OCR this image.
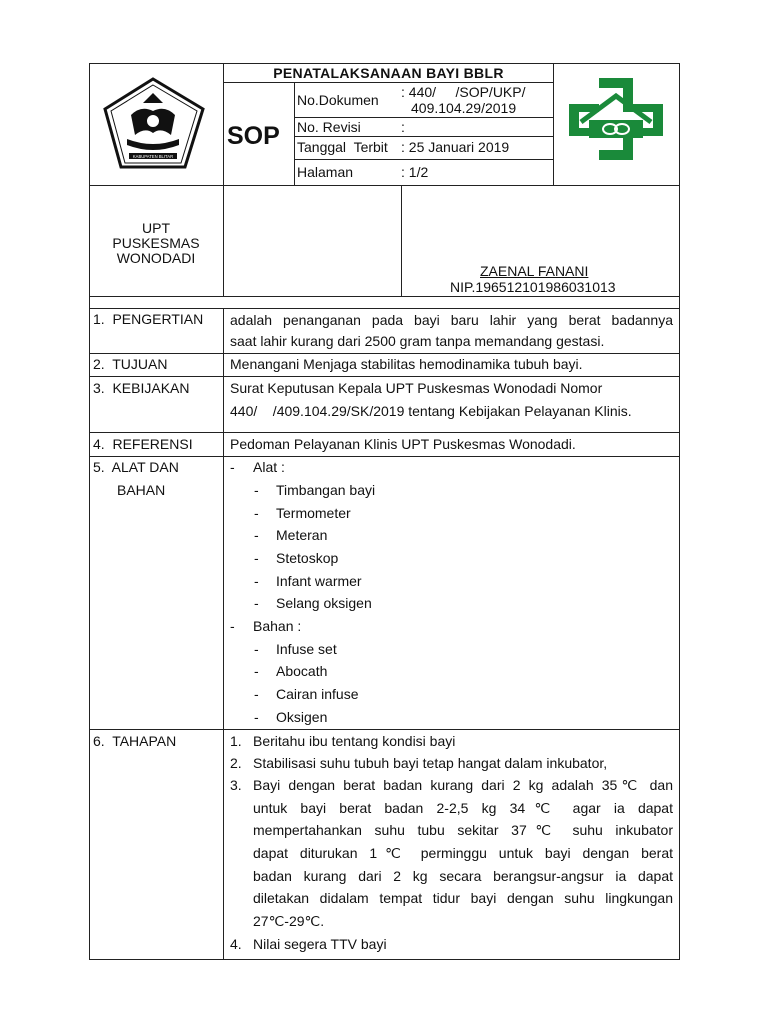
KABUPATEN BLITAR
PENATALAKSANAAN BAYI BBLR
SOP
No.Dokumen : 440/     /SOP/UKP/
409.104.29/2019
No. Revisi	:
Tanggal  Terbit : 25 Januari 2019
Halaman	: 1/2
UPT
PUSKESMAS
WONODADI
ZAENAL FANANI
NIP.196512101986031013
1.  PENGERTIAN adalah penanganan pada bayi baru lahir yang berat badannya
saat lahir kurang dari 2500 gram tanpa memandang gestasi.
2.  TUJUAN	Menangani Menjaga stabilitas hemodinamika tubuh bayi.
3.  KEBIJAKAN	Surat Keputusan Kepala UPT Puskesmas Wonodadi Nomor
440/    /409.104.29/SK/2019 tentang Kebijakan Pelayanan Klinis.
4.  REFERENSI	Pedoman Pelayanan Klinis UPT Puskesmas Wonodadi.
5.  ALAT DAN
BAHAN
- Alat :
- Timbangan bayi
- Termometer
- Meteran
- Stetoskop
- Infant warmer
- Selang oksigen
- Bahan :
- Infuse set
- Abocath
- Cairan infuse
- Oksigen
6.  TAHAPAN	1. Beritahu ibu tentang kondisi bayi
2. Stabilisasi suhu tubuh bayi tetap hangat dalam inkubator,
3. Bayi dengan berat badan kurang dari 2 kg adalah 35℃ dan
untuk bayi berat badan 2-2,5 kg 34℃ agar ia dapat
mempertahankan suhu tubu sekitar 37℃ suhu inkubator
dapat diturukan 1℃ perminggu untuk bayi dengan berat
badan kurang dari 2 kg secara berangsur-angsur ia dapat
diletakan didalam tempat tidur bayi dengan suhu lingkungan
27℃-29℃.
4. Nilai segera TTV bayi
